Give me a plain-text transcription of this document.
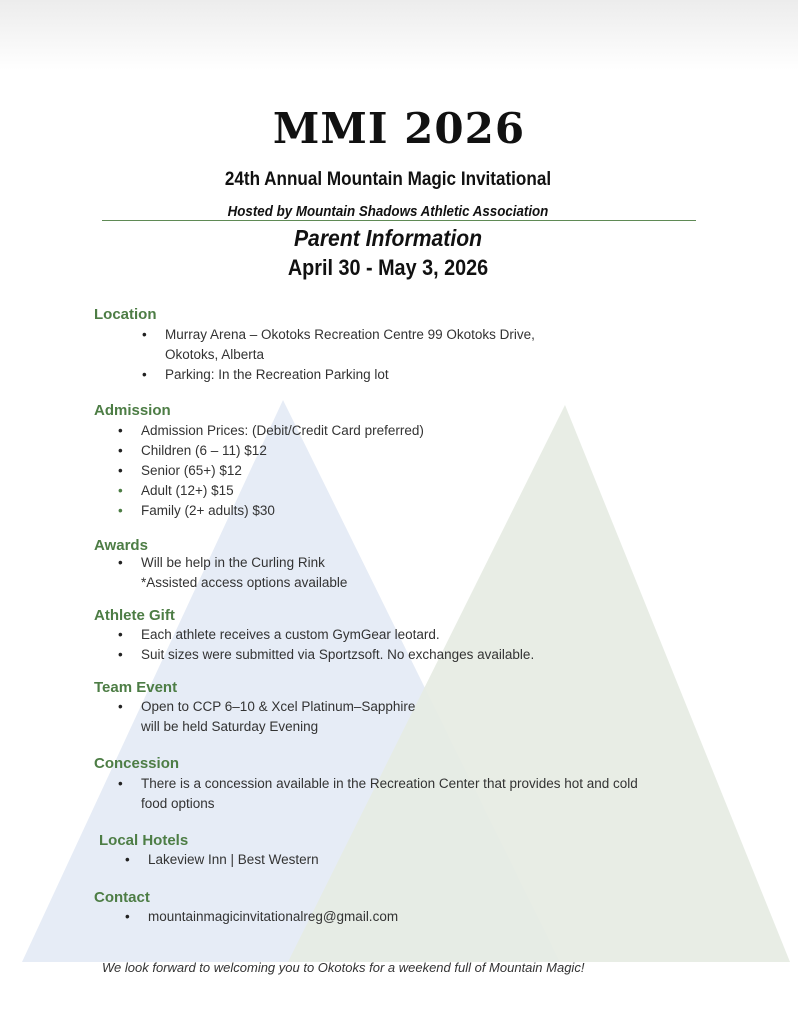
MMI 2026
24th Annual Mountain Magic Invitational
Hosted by Mountain Shadows Athletic Association
Parent Information
April 30 - May 3, 2026
Location
• Murray Arena – Okotoks Recreation Centre 99 Okotoks Drive,
Okotoks, Alberta
• Parking: In the Recreation Parking lot
Admission
• Admission Prices: (Debit/Credit Card preferred)
• Children (6 – 11) $12
• Senior (65+) $12
• Adult (12+) $15
• Family (2+ adults) $30
Awards
• Will be help in the Curling Rink
*Assisted access options available
Athlete Gift
• Each athlete receives a custom GymGear leotard.
• Suit sizes were submitted via Sportzsoft. No exchanges available.
Team Event
• Open to CCP 6–10 & Xcel Platinum–Sapphire
will be held Saturday Evening
Concession
• There is a concession available in the Recreation Center that provides hot and cold
food options
Local Hotels
• Lakeview Inn | Best Western
Contact
• mountainmagicinvitationalreg@gmail.com
We look forward to welcoming you to Okotoks for a weekend full of Mountain Magic!
